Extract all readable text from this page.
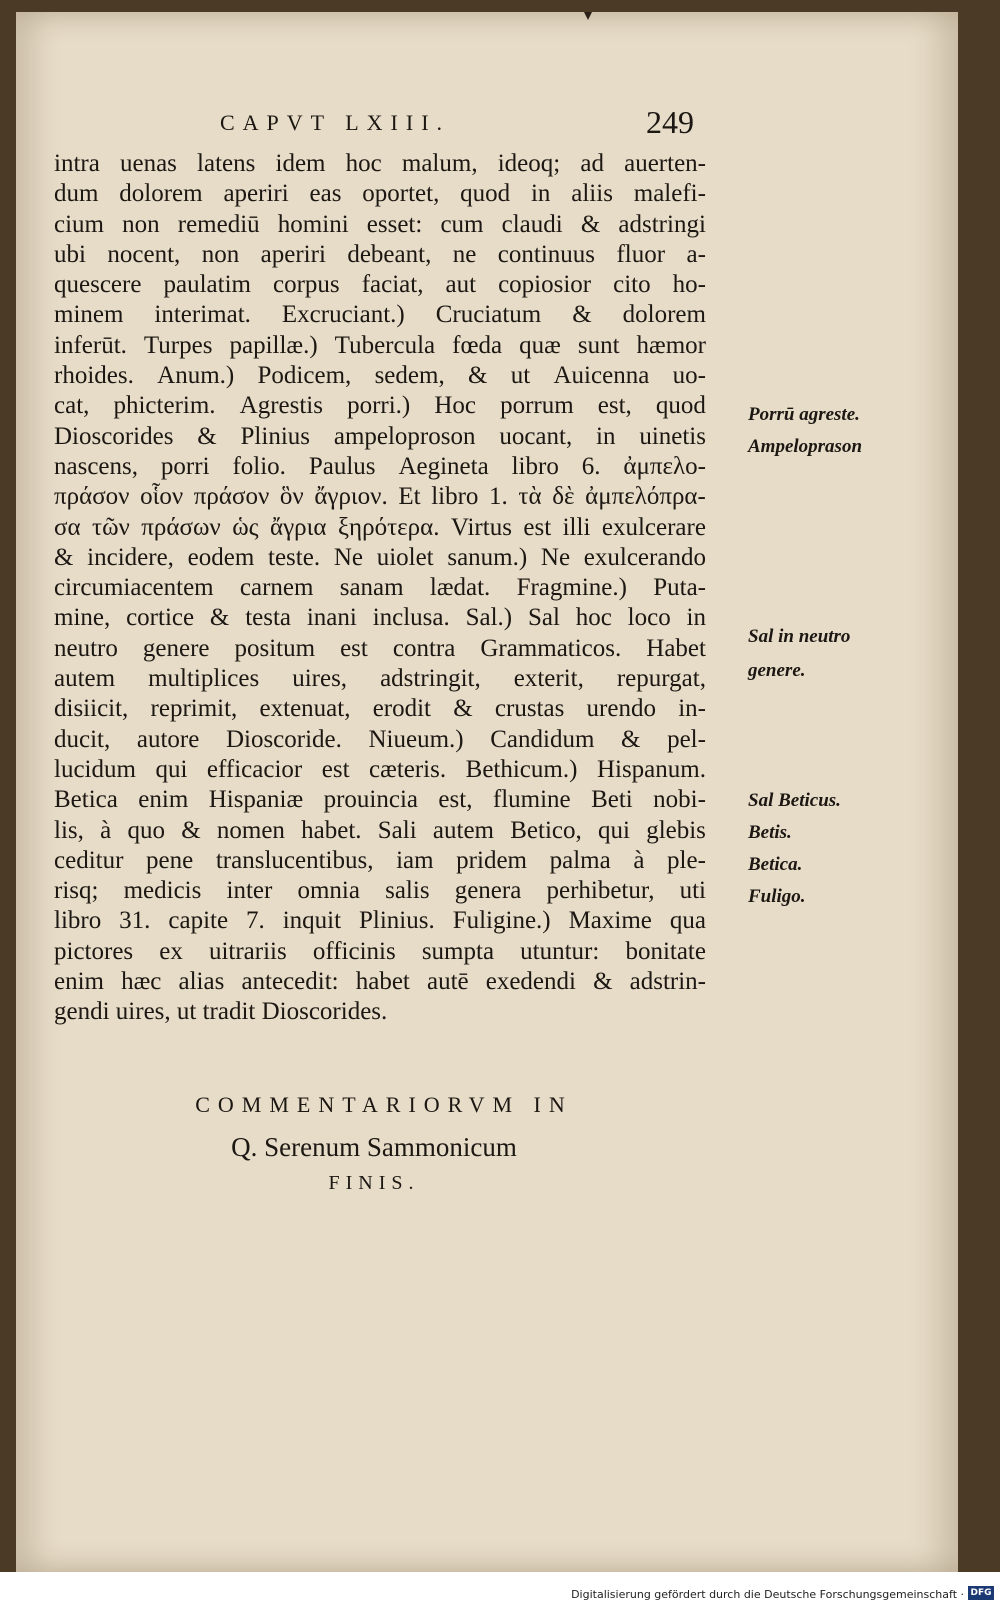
CAPVT LXIII.	249
intra uenas latens idem hoc malum, ideoq; ad auerten-
dum dolorem aperiri eas oportet, quod in aliis malefi-
cium non remediū homini esset: cum claudi & adstringi
ubi nocent, non aperiri debeant, ne continuus fluor a-
quescere paulatim corpus faciat, aut copiosior cito ho-
minem interimat. Excruciant.) Cruciatum & dolorem
inferūt. Turpes papillæ.) Tubercula fœda quæ sunt hæmor
rhoides. Anum.) Podicem, sedem, & ut Auicenna uo-
cat, phicterim. Agrestis porri.) Hoc porrum est, quod
Dioscorides & Plinius ampeloproson uocant, in uinetis
nascens, porri folio. Paulus Aegineta libro 6. ἀμπελο-
πράσον οἷον πράσον ὃν ἄγριον. Et libro 1. τὰ δὲ ἀμπελόπρα-
σα τῶν πράσων ὡς ἄγρια ξηρότερα. Virtus est illi exulcerare
& incidere, eodem teste. Ne uiolet sanum.) Ne exulcerando
circumiacentem carnem sanam lædat. Fragmine.) Puta-
mine, cortice & testa inani inclusa. Sal.) Sal hoc loco in
neutro genere positum est contra Grammaticos. Habet
autem multiplices uires, adstringit, exterit, repurgat,
disiicit, reprimit, extenuat, erodit & crustas urendo in-
ducit, autore Dioscoride. Niueum.) Candidum & pel-
lucidum qui efficacior est cæteris. Bethicum.) Hispanum.
Betica enim Hispaniæ prouincia est, flumine Beti nobi-
lis, à quo & nomen habet. Sali autem Betico, qui glebis
ceditur pene translucentibus, iam pridem palma à ple-
risq; medicis inter omnia salis genera perhibetur, uti
libro 31. capite 7. inquit Plinius. Fuligine.) Maxime qua
pictores ex uitrariis officinis sumpta utuntur: bonitate
enim hæc alias antecedit: habet autē exedendi & adstrin-
gendi uires, ut tradit Dioscorides.
Porrū agreste.
Ampeloprason
Sal in neutro
genere.
Sal Beticus.
Betis.
Betica.
Fuligo.
COMMENTARIORVM IN
Q. Serenum Sammonicum
FINIS.
Digitalisierung gefördert durch die Deutsche Forschungsgemeinschaft · DFG
